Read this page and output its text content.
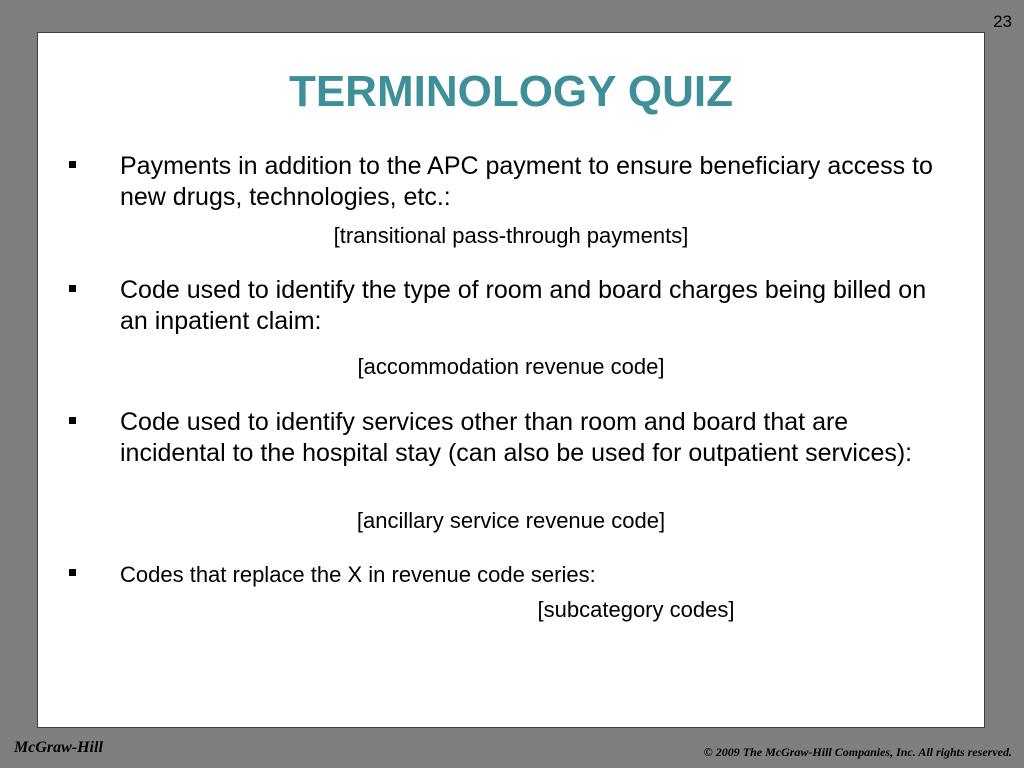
23
TERMINOLOGY QUIZ
Payments in addition to the APC payment to ensure beneficiary access to new drugs, technologies, etc.:
[transitional pass-through payments]
Code used to identify the type of room and board charges being billed on an inpatient claim:
[accommodation revenue code]
Code used to identify services other than room and board that are incidental to the hospital stay (can also be used for outpatient services):
[ancillary service revenue code]
Codes that replace the X in revenue code series:
[subcategory codes]
McGraw-Hill	© 2009 The McGraw-Hill Companies, Inc. All rights reserved.
